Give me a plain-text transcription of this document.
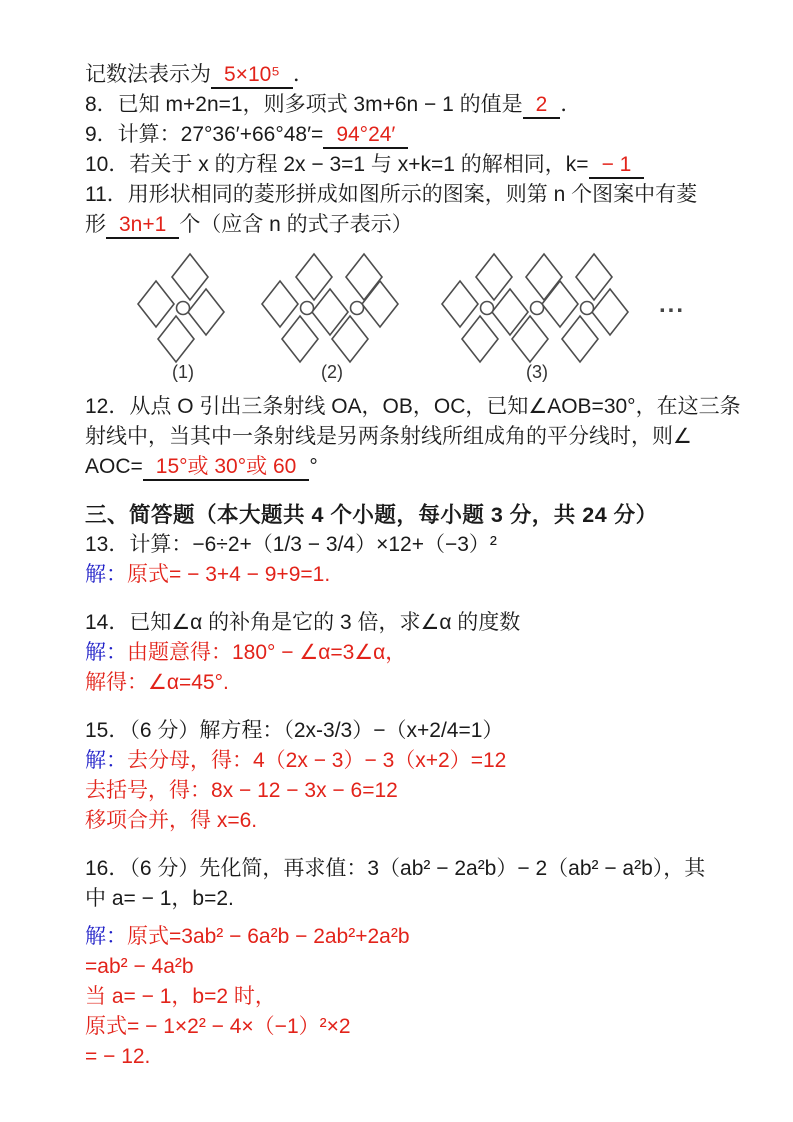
记数法表示为 5×10⁵ ．
8．已知 m+2n=1，则多项式 3m+6n − 1 的值是 2 ．
9．计算：27°36′+66°48′= 94°24′
10．若关于 x 的方程 2x − 3=1 与 x+k=1 的解相同，k= − 1
11．用形状相同的菱形拼成如图所示的图案，则第 n 个图案中有菱
形 3n+1 个（应含 n 的式子表示）
(1)	(2)	(3)
...
12．从点 O 引出三条射线 OA，OB，OC，已知∠AOB=30°，在这三条
射线中，当其中一条射线是另两条射线所组成角的平分线时，则∠
AOC= 15°或 30°或 60 °
三、简答题（本大题共 4 个小题，每小题 3 分，共 24 分）
13．计算：−6÷2+（1/3 − 3/4）×12+（−3）²
解：原式= − 3+4 − 9+9=1.
14．已知∠α 的补角是它的 3 倍，求∠α 的度数
解：由题意得：180° − ∠α=3∠α，
解得：∠α=45°.
15．（6 分）解方程：（2x-3/3）−（x+2/4=1）
解：去分母，得：4（2x − 3）− 3（x+2）=12
去括号，得：8x − 12 − 3x − 6=12
移项合并，得 x=6.
16．（6 分）先化简，再求值：3（ab² − 2a²b）− 2（ab² − a²b），其
中 a= − 1，b=2.
解：原式=3ab² − 6a²b − 2ab²+2a²b
=ab² − 4a²b
当 a= − 1，b=2 时，
原式= − 1×2² − 4×（−1）²×2
= − 12.
